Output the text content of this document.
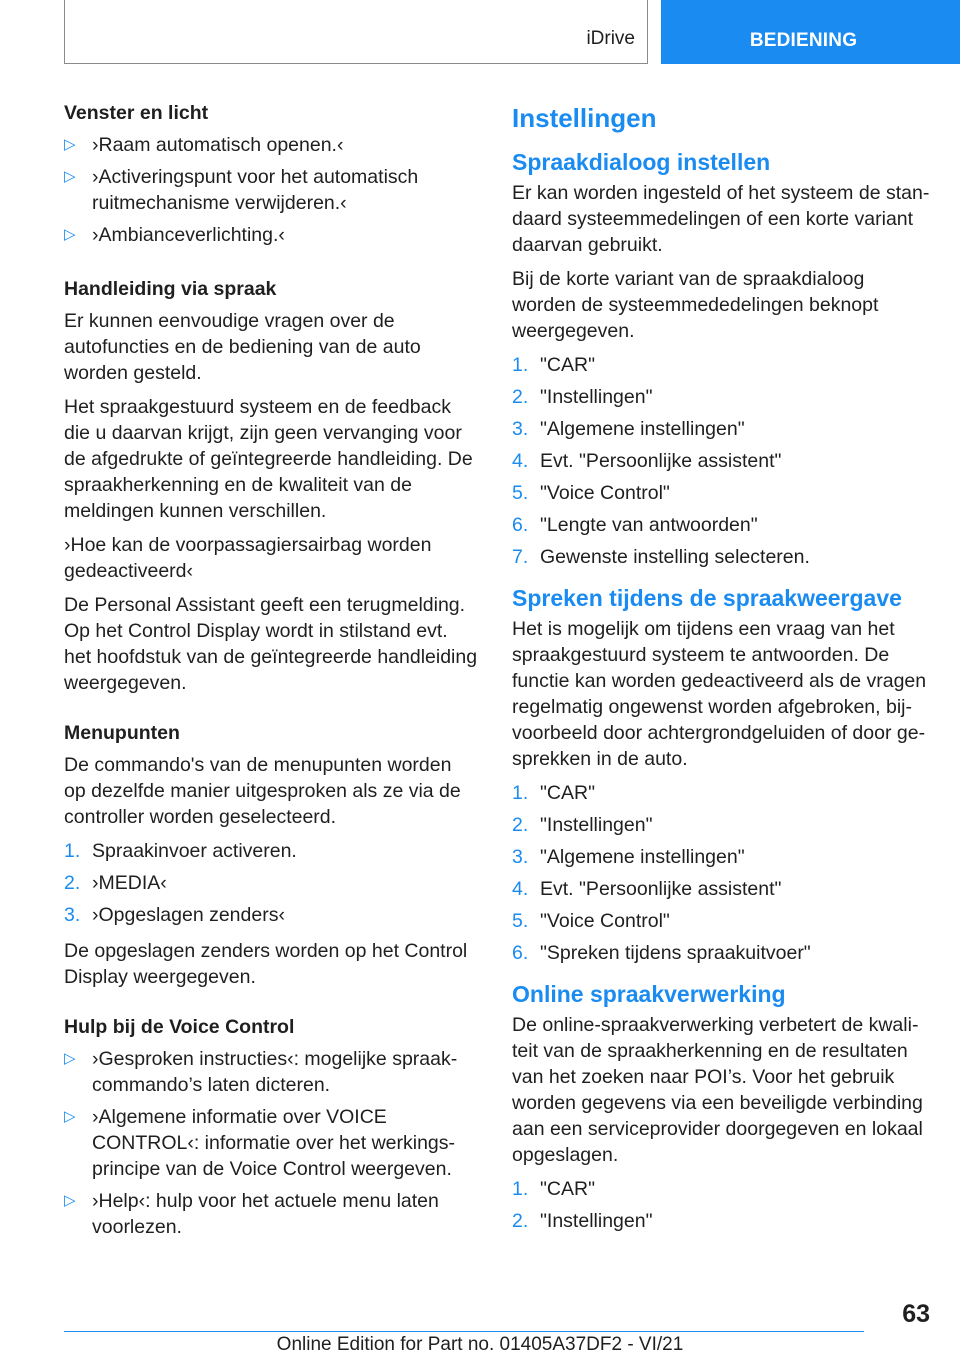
iDrive	BEDIENING
Venster en licht
▷ ›Raam automatisch openen.‹
▷ ›Activeringspunt voor het automatisch ruitmechanisme verwijderen.‹
▷ ›Ambianceverlichting.‹
Handleiding via spraak

Er kunnen eenvoudige vragen over de autofuncties en de bediening van de auto worden gesteld.

Het spraakgestuurd systeem en de feedback die u daarvan krijgt, zijn geen vervanging voor de afgedrukte of geïntegreerde handleiding. De spraakherkenning en de kwaliteit van de meldingen kunnen verschillen.

›Hoe kan de voorpassagiersairbag worden gedeactiveerd‹

De Personal Assistant geeft een terugmelding. Op het Control Display wordt in stilstand evt. het hoofdstuk van de geïntegreerde handleiding weergegeven.

Menupunten

De commando's van de menupunten worden op dezelfde manier uitgesproken als ze via de controller worden geselecteerd.

1. Spraakinvoer activeren.
2. ›MEDIA‹
3. ›Opgeslagen zenders‹

De opgeslagen zenders worden op het Control Display weergegeven.

Hulp bij de Voice Control
▷ ›Gesproken instructies‹: mogelijke spraakcommando’s laten dicteren.
▷ ›Algemene informatie over VOICE CONTROL‹: informatie over het werkingsprincipe van de Voice Control weergeven.
▷ ›Help‹: hulp voor het actuele menu laten voorlezen.
Instellingen
Spraakdialoog instellen

Er kan worden ingesteld of het systeem de standaard systeemmedelingen of een korte variant daarvan gebruikt.

Bij de korte variant van de spraakdialoog worden de systeemmededelingen beknopt weergegeven.

1. "CAR"
2. "Instellingen"
3. "Algemene instellingen"
4. Evt. "Persoonlijke assistent"
5. "Voice Control"
6. "Lengte van antwoorden"
7. Gewenste instelling selecteren.
Spreken tijdens de spraakweergave

Het is mogelijk om tijdens een vraag van het spraakgestuurd systeem te antwoorden. De functie kan worden gedeactiveerd als de vragen regelmatig ongewenst worden afgebroken, bijvoorbeeld door achtergrondgeluiden of door gesprekken in de auto.

1. "CAR"
2. "Instellingen"
3. "Algemene instellingen"
4. Evt. "Persoonlijke assistent"
5. "Voice Control"
6. "Spreken tijdens spraakuitvoer"
Online spraakverwerking

De online-spraakverwerking verbetert de kwaliteit van de spraakherkenning en de resultaten van het zoeken naar POI’s. Voor het gebruik worden gegevens via een beveiligde verbinding aan een serviceprovider doorgegeven en lokaal opgeslagen.

1. "CAR"
2. "Instellingen"
63
Online Edition for Part no. 01405A37DF2 - VI/21
